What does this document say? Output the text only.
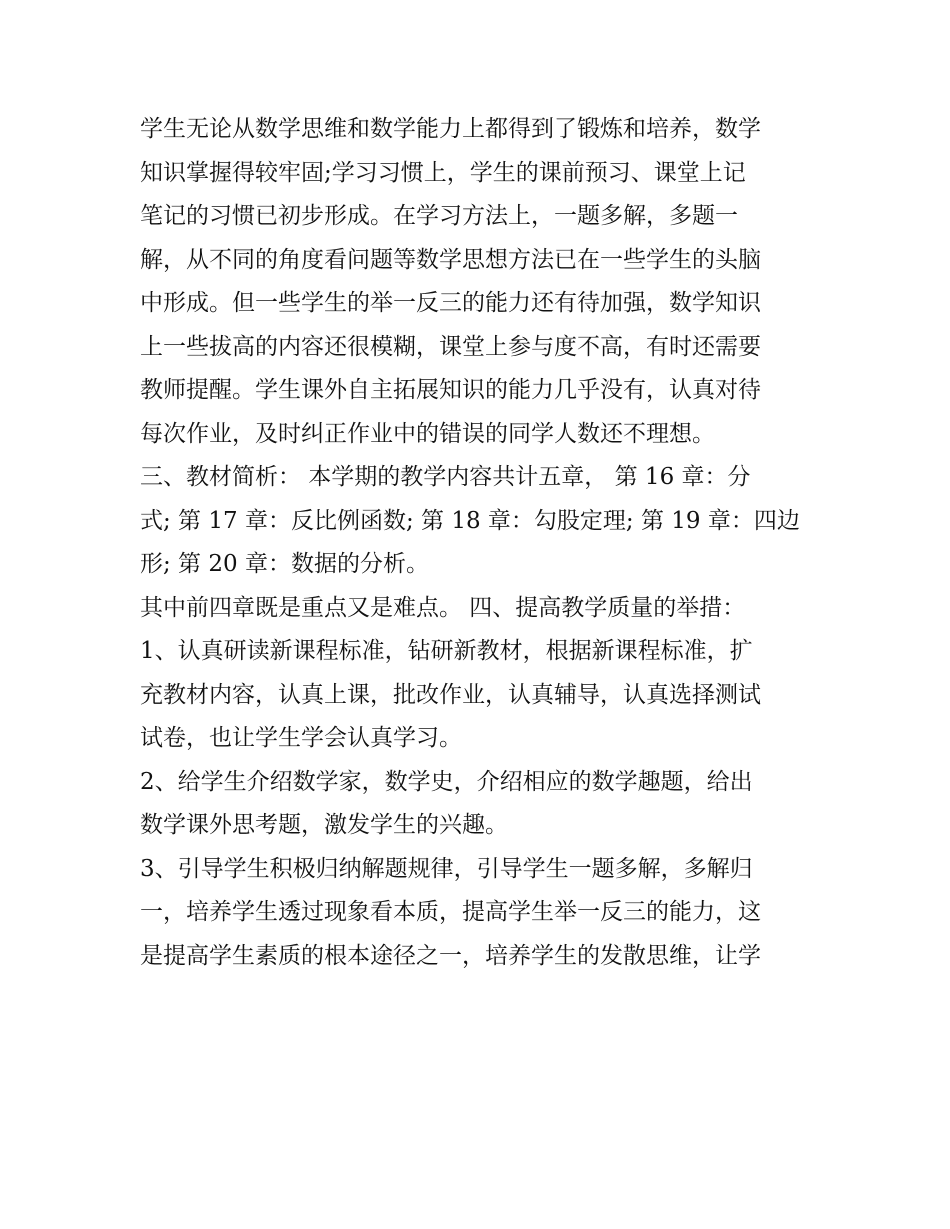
学生无论从数学思维和数学能力上都得到了锻炼和培养，数学
知识掌握得较牢固;学习习惯上，学生的课前预习、课堂上记
笔记的习惯已初步形成。在学习方法上，一题多解，多题一
解，从不同的角度看问题等数学思想方法已在一些学生的头脑
中形成。但一些学生的举一反三的能力还有待加强，数学知识
上一些拔高的内容还很模糊，课堂上参与度不高，有时还需要
教师提醒。学生课外自主拓展知识的能力几乎没有，认真对待
每次作业，及时纠正作业中的错误的同学人数还不理想。
三、教材简析： 本学期的教学内容共计五章， 第 16 章：分
式; 第 17 章：反比例函数; 第 18 章：勾股定理; 第 19 章：四边
形; 第 20 章：数据的分析。
其中前四章既是重点又是难点。 四、提高教学质量的举措：
1、认真研读新课程标准，钻研新教材，根据新课程标准，扩
充教材内容，认真上课，批改作业，认真辅导，认真选择测试
试卷，也让学生学会认真学习。
2、给学生介绍数学家，数学史，介绍相应的数学趣题，给出
数学课外思考题，激发学生的兴趣。
3、引导学生积极归纳解题规律，引导学生一题多解，多解归
一，培养学生透过现象看本质，提高学生举一反三的能力，这
是提高学生素质的根本途径之一，培养学生的发散思维，让学
